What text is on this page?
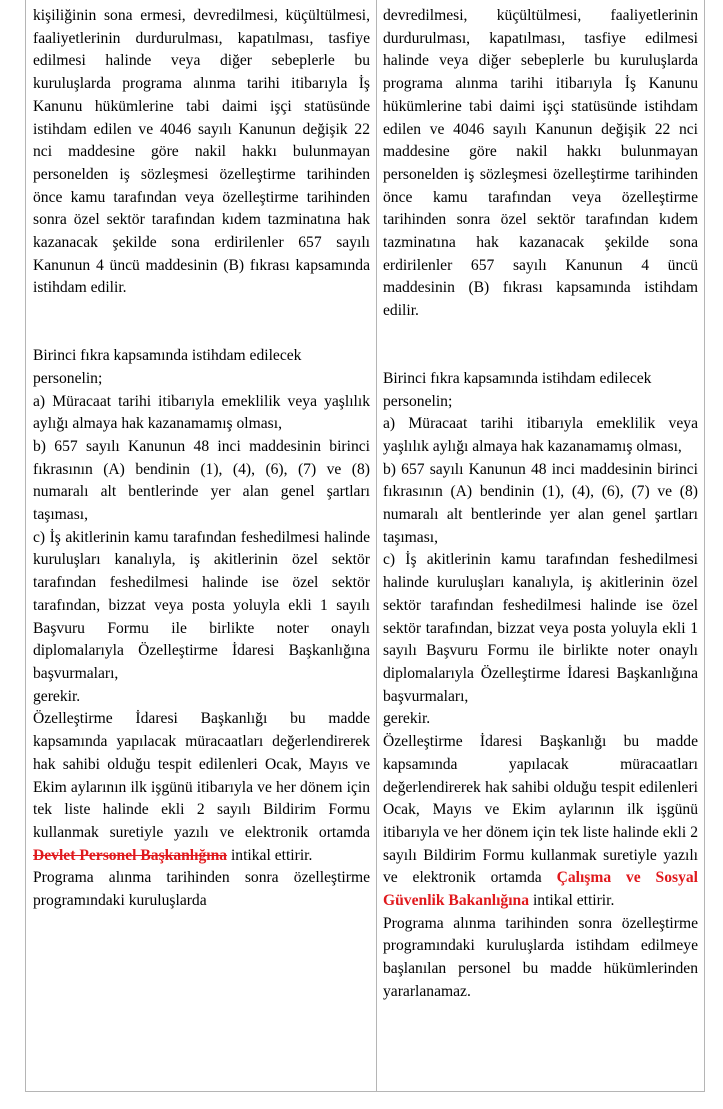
kişiliğinin sona ermesi, devredilmesi, küçültülmesi, faaliyetlerinin durdurulması, kapatılması, tasfiye edilmesi halinde veya diğer sebeplerle bu kuruluşlarda programa alınma tarihi itibarıyla İş Kanunu hükümlerine tabi daimi işçi statüsünde istihdam edilen ve 4046 sayılı Kanunun değişik 22 nci maddesine göre nakil hakkı bulunmayan personelden iş sözleşmesi özelleştirme tarihinden önce kamu tarafından veya özelleştirme tarihinden sonra özel sektör tarafından kıdem tazminatına hak kazanacak şekilde sona erdirilenler 657 sayılı Kanunun 4 üncü maddesinin (B) fıkrası kapsamında istihdam edilir.

Birinci fıkra kapsamında istihdam edilecek personelin;

a) Müracaat tarihi itibarıyla emeklilik veya yaşlılık aylığı almaya hak kazanamamış olması,

b) 657 sayılı Kanunun 48 inci maddesinin birinci fıkrasının (A) bendinin (1), (4), (6), (7) ve (8) numaralı alt bentlerinde yer alan genel şartları taşıması,

c) İş akitlerinin kamu tarafından feshedilmesi halinde kuruluşları kanalıyla, iş akitlerinin özel sektör tarafından feshedilmesi halinde ise özel sektör tarafından, bizzat veya posta yoluyla ekli 1 sayılı Başvuru Formu ile birlikte noter onaylı diplomalarıyla Özelleştirme İdaresi Başkanlığına başvurmaları,

gerekir.

Özelleştirme İdaresi Başkanlığı bu madde kapsamında yapılacak müracaatları değerlendirerek hak sahibi olduğu tespit edilenleri Ocak, Mayıs ve Ekim aylarının ilk işgünü itibarıyla ve her dönem için tek liste halinde ekli 2 sayılı Bildirim Formu kullanmak suretiyle yazılı ve elektronik ortamda Devlet Personel Başkanlığına intikal ettirir.

Programa alınma tarihinden sonra özelleştirme programındaki kuruluşlarda

devredilmesi, küçültülmesi, faaliyetlerinin durdurulması, kapatılması, tasfiye edilmesi halinde veya diğer sebeplerle bu kuruluşlarda programa alınma tarihi itibarıyla İş Kanunu hükümlerine tabi daimi işçi statüsünde istihdam edilen ve 4046 sayılı Kanunun değişik 22 nci maddesine göre nakil hakkı bulunmayan personelden iş sözleşmesi özelleştirme tarihinden önce kamu tarafından veya özelleştirme tarihinden sonra özel sektör tarafından kıdem tazminatına hak kazanacak şekilde sona erdirilenler 657 sayılı Kanunun 4 üncü maddesinin (B) fıkrası kapsamında istihdam edilir.

Birinci fıkra kapsamında istihdam edilecek personelin;

a) Müracaat tarihi itibarıyla emeklilik veya yaşlılık aylığı almaya hak kazanamamış olması,

b) 657 sayılı Kanunun 48 inci maddesinin birinci fıkrasının (A) bendinin (1), (4), (6), (7) ve (8) numaralı alt bentlerinde yer alan genel şartları taşıması,

c) İş akitlerinin kamu tarafından feshedilmesi halinde kuruluşları kanalıyla, iş akitlerinin özel sektör tarafından feshedilmesi halinde ise özel sektör tarafından, bizzat veya posta yoluyla ekli 1 sayılı Başvuru Formu ile birlikte noter onaylı diplomalarıyla Özelleştirme İdaresi Başkanlığına başvurmaları,

gerekir.

Özelleştirme İdaresi Başkanlığı bu madde kapsamında yapılacak müracaatları değerlendirerek hak sahibi olduğu tespit edilenleri Ocak, Mayıs ve Ekim aylarının ilk işgünü itibarıyla ve her dönem için tek liste halinde ekli 2 sayılı Bildirim Formu kullanmak suretiyle yazılı ve elektronik ortamda Çalışma ve Sosyal Güvenlik Bakanlığına intikal ettirir.

Programa alınma tarihinden sonra özelleştirme programındaki kuruluşlarda istihdam edilmeye başlanılan personel bu madde hükümlerinden yararlanamaz.
